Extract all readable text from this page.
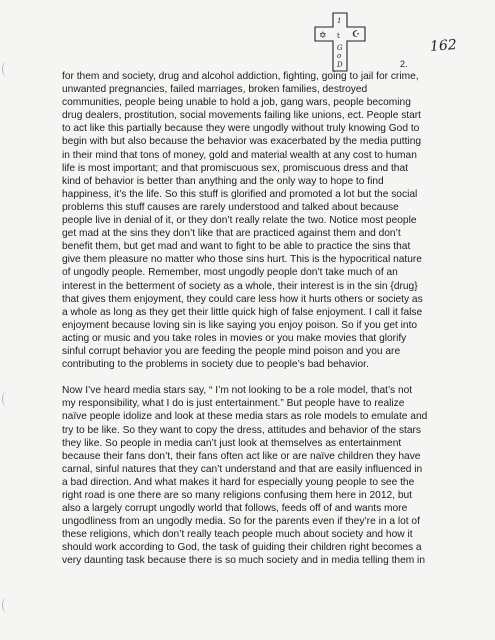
1
t
G
o
D
✡	☪
162
2.

for them and society, drug and alcohol addiction, fighting, going to jail for crime,
unwanted pregnancies, failed marriages, broken families, destroyed
communities, people being unable to hold a job, gang wars, people becoming
drug dealers, prostitution, social movements failing like unions, ect. People start
to act like this partially because they were ungodly without truly knowing God to
begin with but also because the behavior was exacerbated by the media putting
in their mind that tons of money, gold and material wealth at any cost to human
life is most important; and that promiscuous sex, promiscuous dress and that
kind of behavior is better than anything and the only way to hope to find
happiness, it’s the life. So this stuff is glorified and promoted a lot but the social
problems this stuff causes are rarely understood and talked about because
people live in denial of it, or they don’t really relate the two. Notice most people
get mad at the sins they don’t like that are practiced against them and don’t
benefit them, but get mad and want to fight to be able to practice the sins that
give them pleasure no matter who those sins hurt. This is the hypocritical nature
of ungodly people. Remember, most ungodly people don’t take much of an
interest in the betterment of society as a whole, their interest is in the sin {drug}
that gives them enjoyment, they could care less how it hurts others or society as
a whole as long as they get their little quick high of false enjoyment. I call it false
enjoyment because loving sin is like saying you enjoy poison. So if you get into
acting or music and you take roles in movies or you make movies that glorify
sinful corrupt behavior you are feeding the people mind poison and you are
contributing to the problems in society due to people’s bad behavior.

Now I’ve heard media stars say, “ I’m not looking to be a role model, that’s not
my responsibility, what I do is just entertainment.” But people have to realize
naïve people idolize and look at these media stars as role models to emulate and
try to be like. So they want to copy the dress, attitudes and behavior of the stars
they like. So people in media can’t just look at themselves as entertainment
because their fans don’t, their fans often act like or are naïve children they have
carnal, sinful natures that they can’t understand and that are easily influenced in
a bad direction. And what makes it hard for especially young people to see the
right road is one there are so many religions confusing them here in 2012, but
also a largely corrupt ungodly world that follows, feeds off of and wants more
ungodliness from an ungodly media. So for the parents even if they’re in a lot of
these religions, which don’t really teach people much about society and how it
should work according to God, the task of guiding their children right becomes a
very daunting task because there is so much society and in media telling them in
